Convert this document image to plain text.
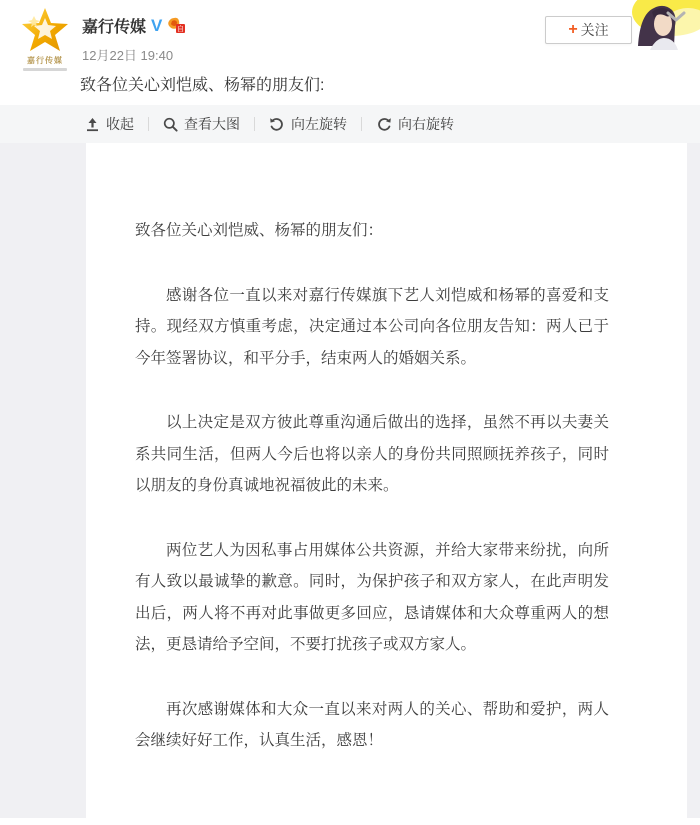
嘉行传媒
嘉行传媒 V 自
12月22日 19:40
致各位关心刘恺威、杨幂的朋友们:
+ 关注
收起	查看大图	向左旋转	向右旋转

致各位关心刘恺威、杨幂的朋友们：

感谢各位一直以来对嘉行传媒旗下艺人刘恺威和杨幂的喜爱和支持。现经双方慎重考虑，决定通过本公司向各位朋友告知：两人已于今年签署协议，和平分手，结束两人的婚姻关系。

以上决定是双方彼此尊重沟通后做出的选择，虽然不再以夫妻关系共同生活，但两人今后也将以亲人的身份共同照顾抚养孩子，同时以朋友的身份真诚地祝福彼此的未来。

两位艺人为因私事占用媒体公共资源，并给大家带来纷扰，向所有人致以最诚挚的歉意。同时，为保护孩子和双方家人，在此声明发出后，两人将不再对此事做更多回应，恳请媒体和大众尊重两人的想法，更恳请给予空间，不要打扰孩子或双方家人。

再次感谢媒体和大众一直以来对两人的关心、帮助和爱护，两人会继续好好工作，认真生活，感恩！
